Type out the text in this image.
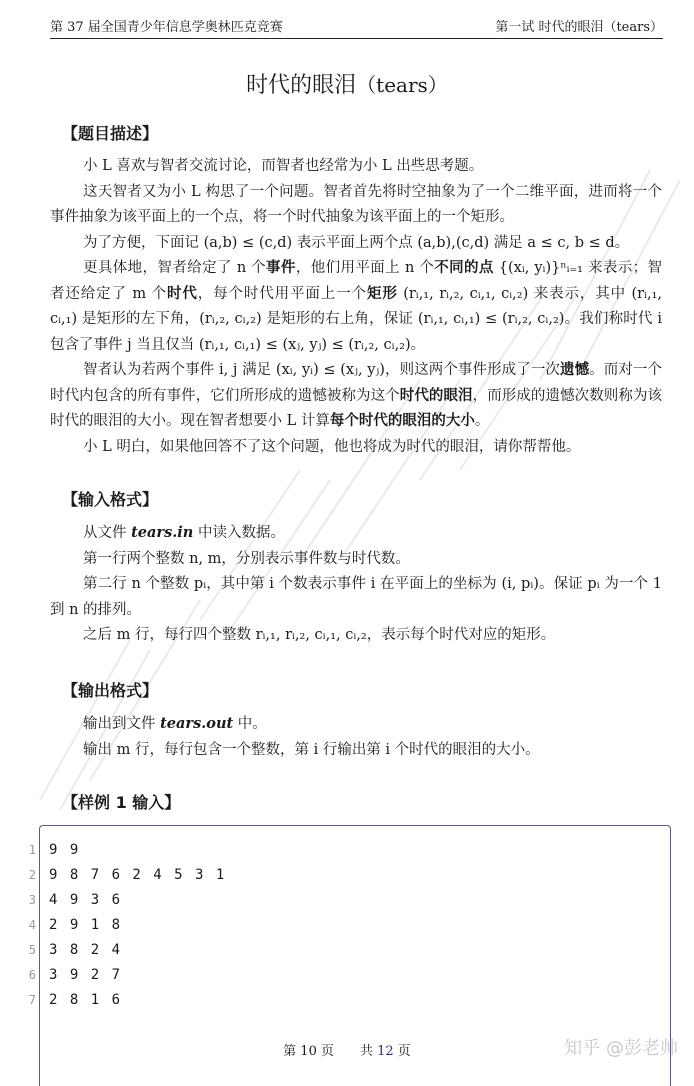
第 37 届全国青少年信息学奥林匹克竞赛	第一试 时代的眼泪（tears）
时代的眼泪（tears）
【题目描述】

小 L 喜欢与智者交流讨论，而智者也经常为小 L 出些思考题。

这天智者又为小 L 构思了一个问题。智者首先将时空抽象为了一个二维平面，进而将一个事件抽象为该平面上的一个点，将一个时代抽象为该平面上的一个矩形。

为了方便，下面记 (a,b) ≤ (c,d) 表示平面上两个点 (a,b),(c,d) 满足 a ≤ c, b ≤ d。

更具体地，智者给定了 n 个事件，他们用平面上 n 个不同的点 {(xᵢ, yᵢ)}ⁿᵢ₌₁ 来表示；智者还给定了 m 个时代，每个时代用平面上一个矩形 (rᵢ,₁, rᵢ,₂, cᵢ,₁, cᵢ,₂) 来表示，其中 (rᵢ,₁, cᵢ,₁) 是矩形的左下角，(rᵢ,₂, cᵢ,₂) 是矩形的右上角，保证 (rᵢ,₁, cᵢ,₁) ≤ (rᵢ,₂, cᵢ,₂)。我们称时代 i 包含了事件 j 当且仅当 (rᵢ,₁, cᵢ,₁) ≤ (xⱼ, yⱼ) ≤ (rᵢ,₂, cᵢ,₂)。

智者认为若两个事件 i, j 满足 (xᵢ, yᵢ) ≤ (xⱼ, yⱼ)，则这两个事件形成了一次遗憾。而对一个时代内包含的所有事件，它们所形成的遗憾被称为这个时代的眼泪，而形成的遗憾次数则称为该时代的眼泪的大小。现在智者想要小 L 计算每个时代的眼泪的大小。

小 L 明白，如果他回答不了这个问题，他也将成为时代的眼泪，请你帮帮他。

【输入格式】

从文件 tears.in 中读入数据。

第一行两个整数 n, m，分别表示事件数与时代数。

第二行 n 个整数 pᵢ，其中第 i 个数表示事件 i 在平面上的坐标为 (i, pᵢ)。保证 pᵢ 为一个 1 到 n 的排列。

之后 m 行，每行四个整数 rᵢ,₁, rᵢ,₂, cᵢ,₁, cᵢ,₂，表示每个时代对应的矩形。

【输出格式】

输出到文件 tears.out 中。

输出 m 行，每行包含一个整数，第 i 行输出第 i 个时代的眼泪的大小。

【样例 1 输入】
1 9 9
2 9 8 7 6 2 4 5 3 1
3 4 9 3 6
4 2 9 1 8
5 3 8 2 4
6 3 9 2 7
7 2 8 1 6
第 10 页 共 12 页	知乎 @彭老帅
